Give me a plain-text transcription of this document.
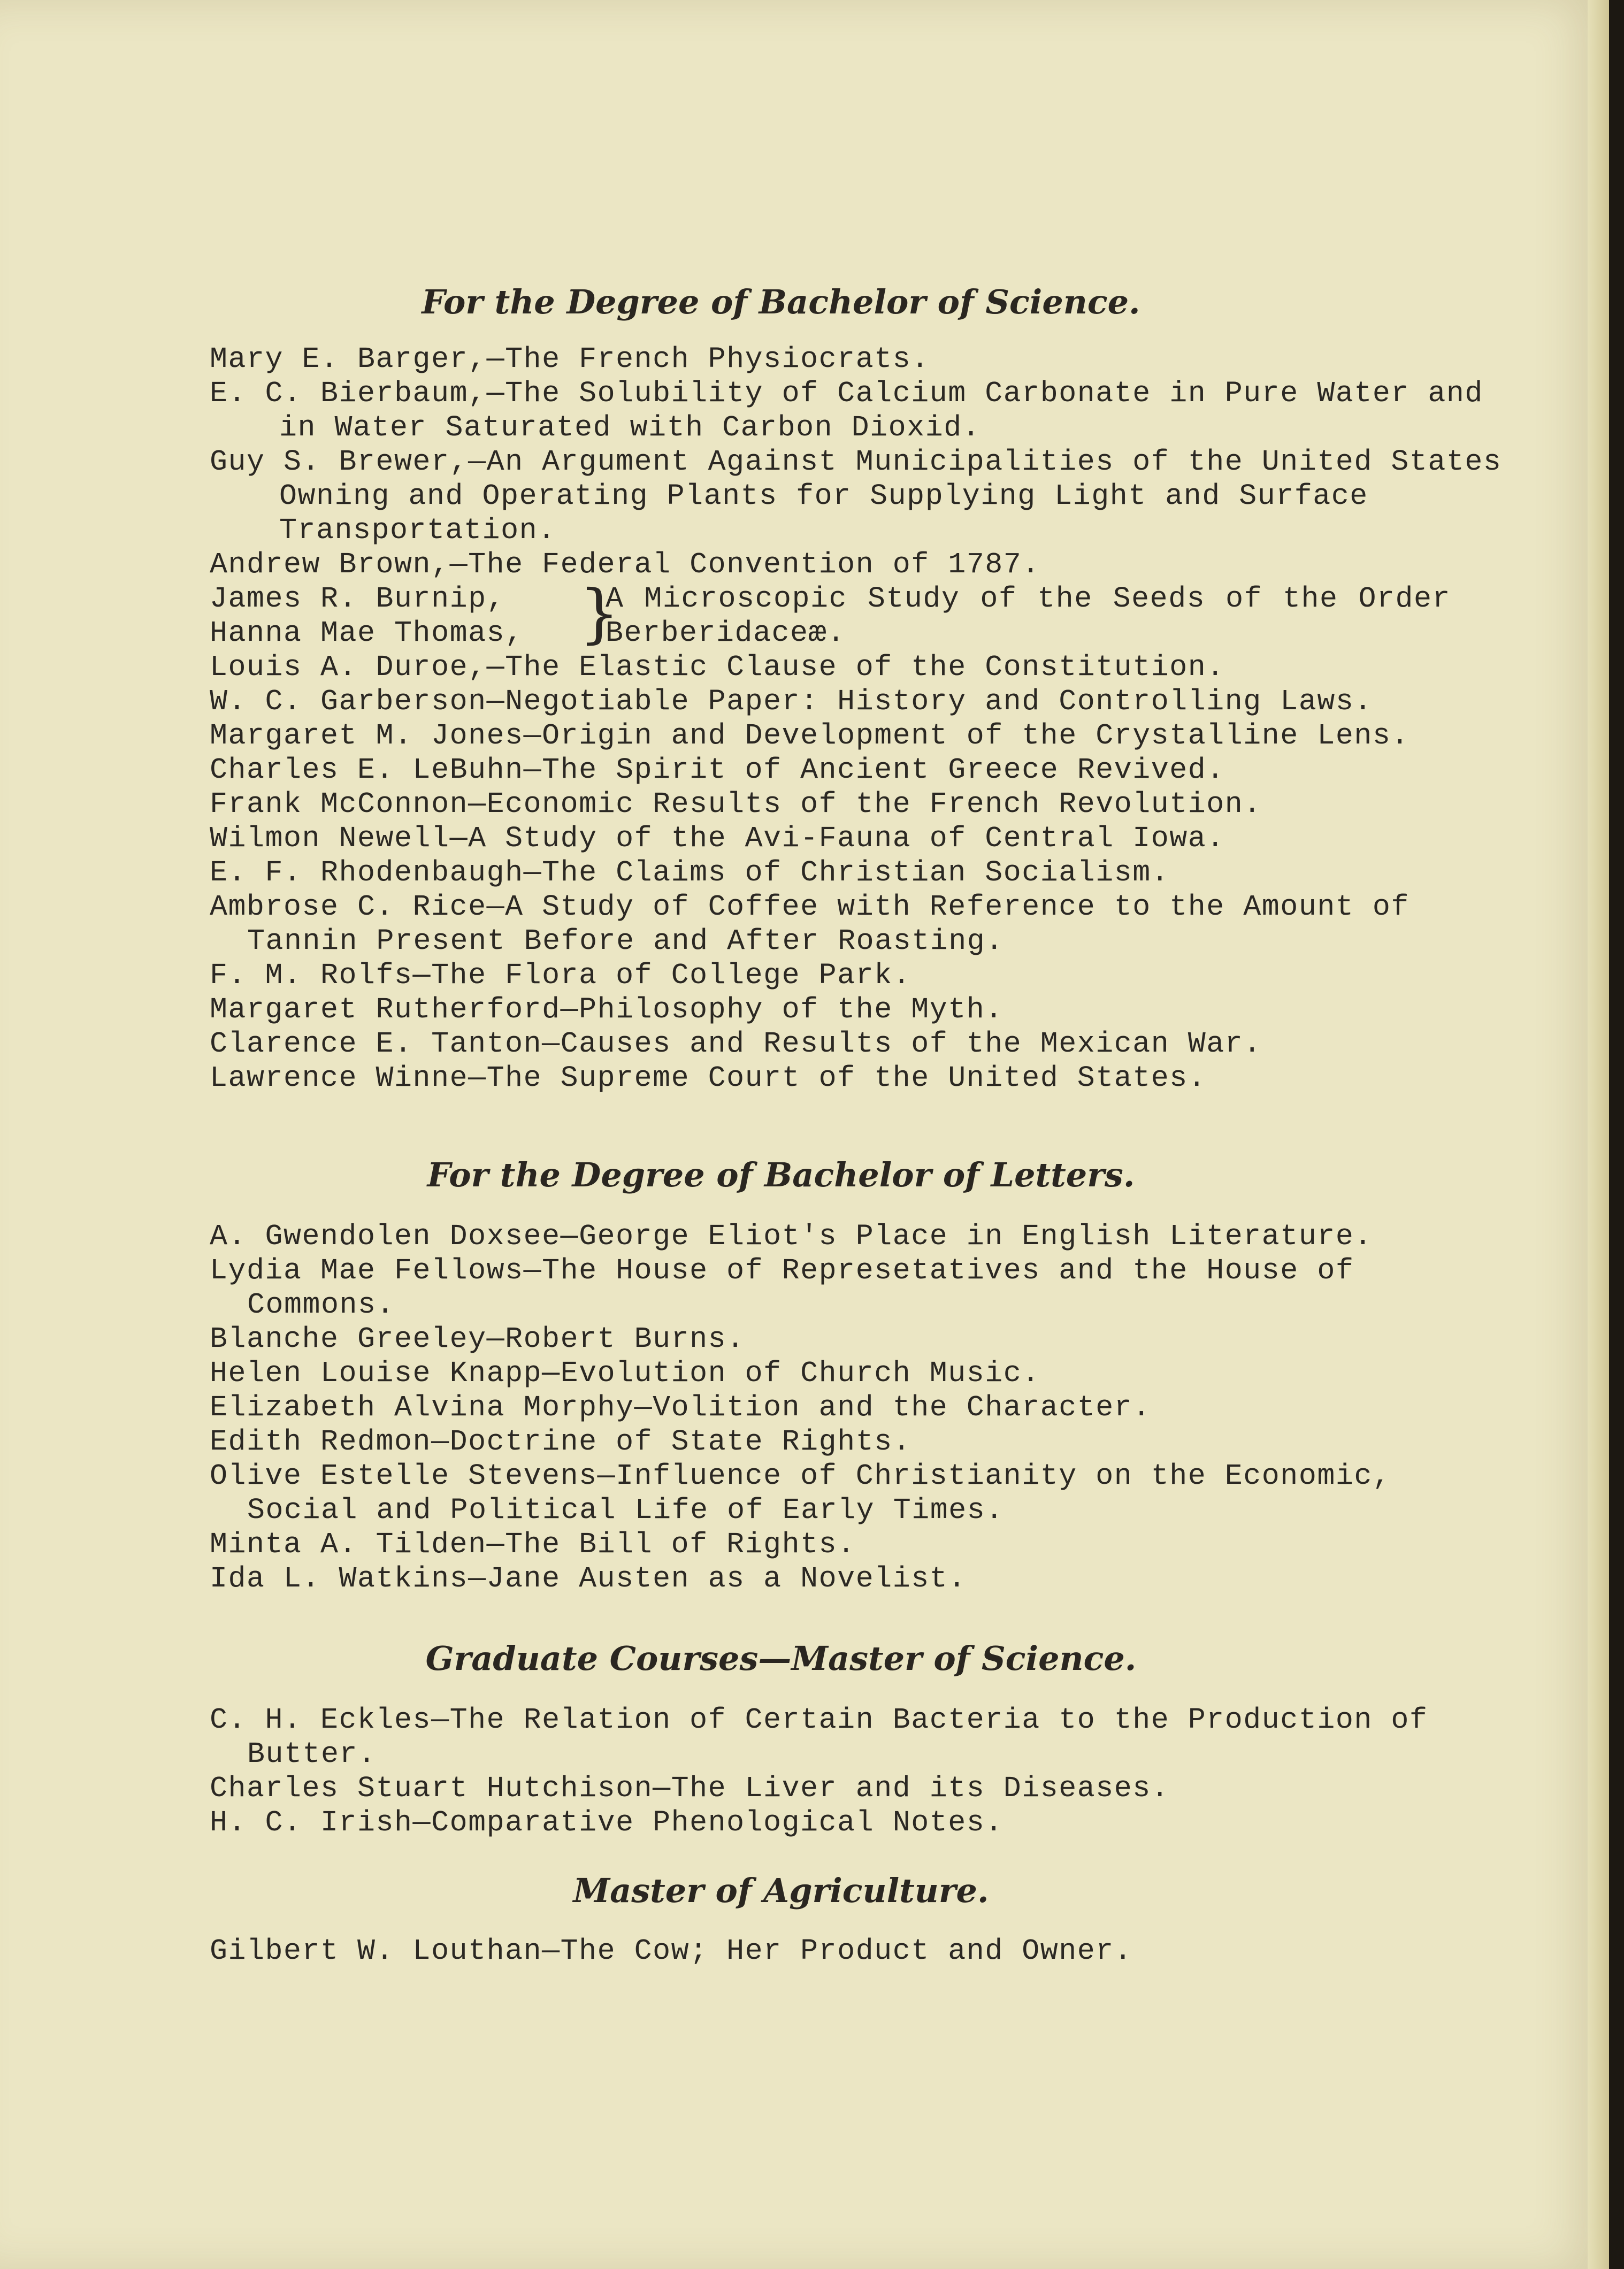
For the Degree of Bachelor of Science.

Mary E. Barger,—The French Physiocrats.

E. C. Bierbaum,—The Solubility of Calcium Carbonate in Pure Water and in Water Saturated with Carbon Dioxid.

Guy S. Brewer,—An Argument Against Municipalities of the United States Owning and Operating Plants for Supplying Light and Surface Transportation.

Andrew Brown,—The Federal Convention of 1787.

James R. Burnip,
Hanna Mae Thomas, }
A Microscopic Study of the Seeds of the Order Berberidaceæ.

Louis A. Duroe,—The Elastic Clause of the Constitution.

W. C. Garberson—Negotiable Paper: History and Controlling Laws.

Margaret M. Jones—Origin and Development of the Crystalline Lens.

Charles E. LeBuhn—The Spirit of Ancient Greece Revived.

Frank McConnon—Economic Results of the French Revolution.

Wilmon Newell—A Study of the Avi-Fauna of Central Iowa.

E. F. Rhodenbaugh—The Claims of Christian Socialism.

Ambrose C. Rice—A Study of Coffee with Reference to the Amount of Tannin Present Before and After Roasting.

F. M. Rolfs—The Flora of College Park.

Margaret Rutherford—Philosophy of the Myth.

Clarence E. Tanton—Causes and Results of the Mexican War.

Lawrence Winne—The Supreme Court of the United States.

For the Degree of Bachelor of Letters.

A. Gwendolen Doxsee—George Eliot's Place in English Literature.

Lydia Mae Fellows—The House of Represetatives and the House of Commons.

Blanche Greeley—Robert Burns.

Helen Louise Knapp—Evolution of Church Music.

Elizabeth Alvina Morphy—Volition and the Character.

Edith Redmon—Doctrine of State Rights.

Olive Estelle Stevens—Influence of Christianity on the Economic, Social and Political Life of Early Times.

Minta A. Tilden—The Bill of Rights.

Ida L. Watkins—Jane Austen as a Novelist.

Graduate Courses—Master of Science.

C. H. Eckles—The Relation of Certain Bacteria to the Production of Butter.

Charles Stuart Hutchison—The Liver and its Diseases.

H. C. Irish—Comparative Phenological Notes.

Master of Agriculture.

Gilbert W. Louthan—The Cow; Her Product and Owner.
